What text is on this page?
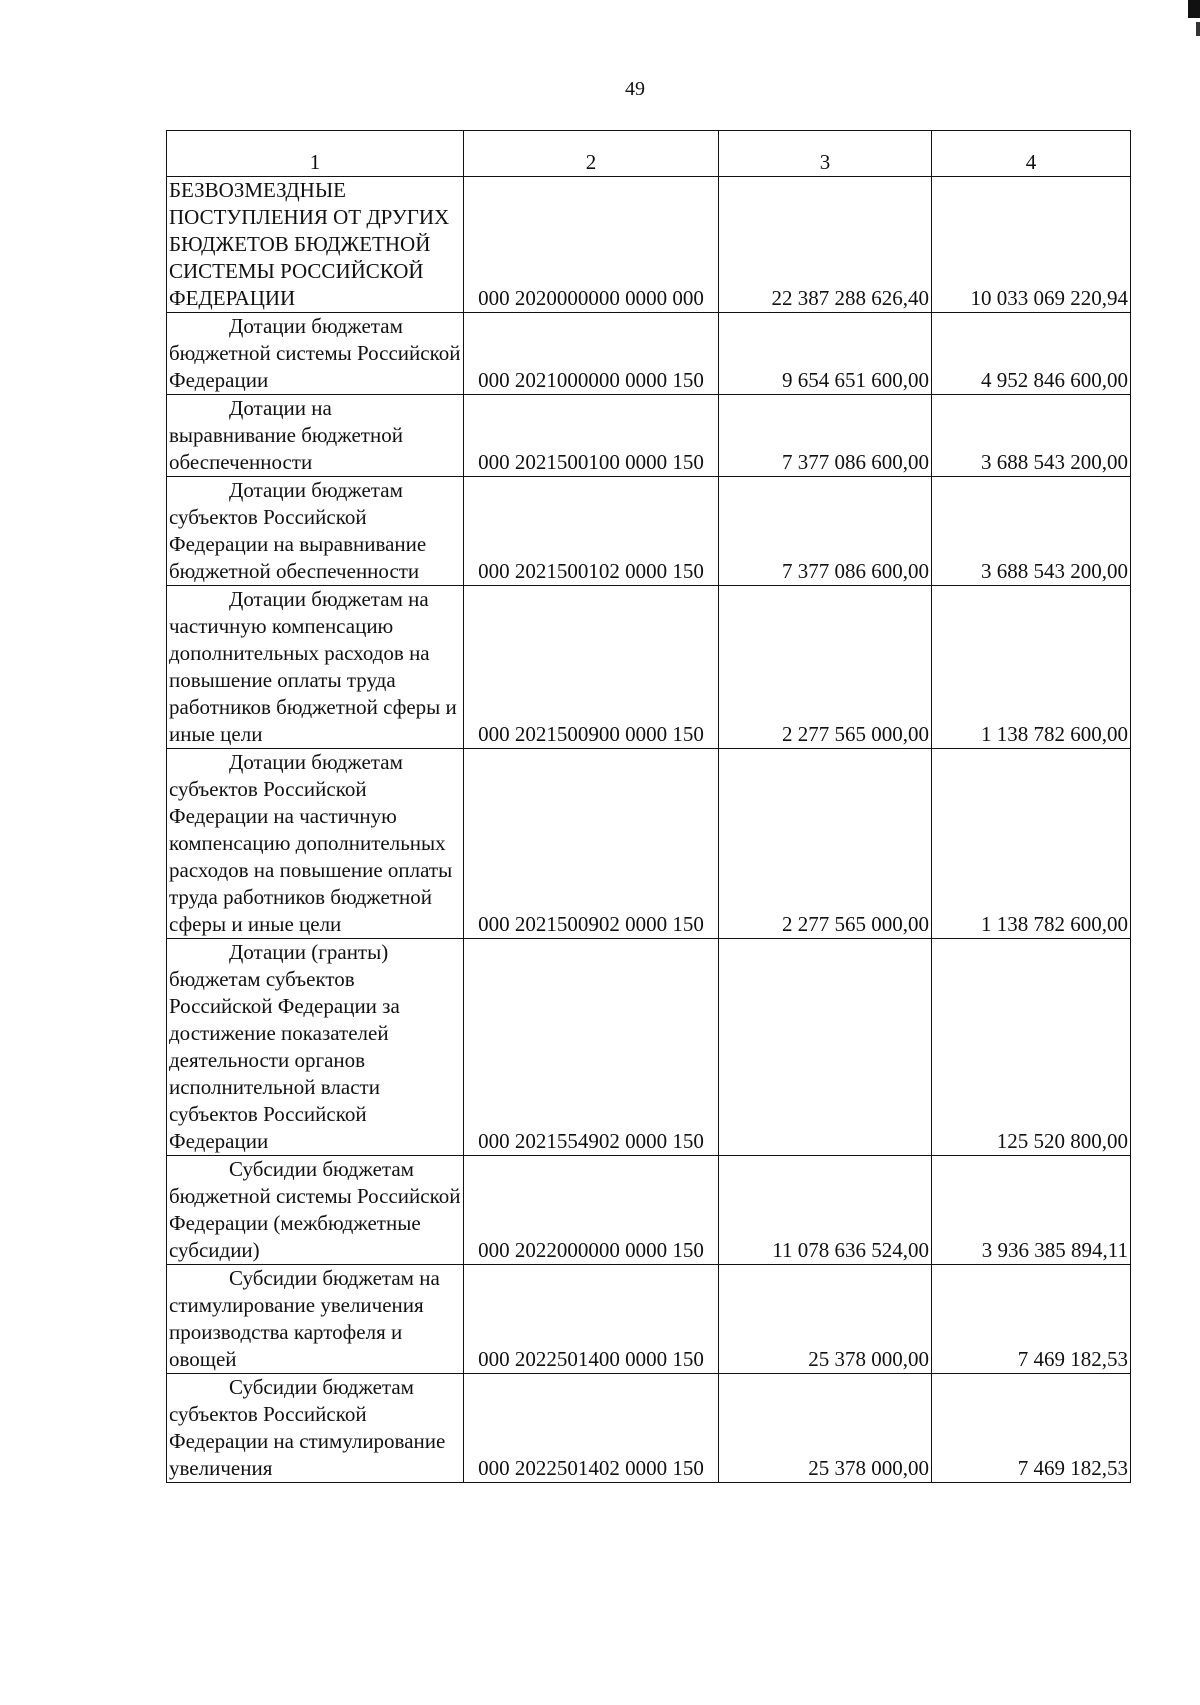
49
1	2	3	4

БЕЗВОЗМЕЗДНЫЕ ПОСТУПЛЕНИЯ ОТ ДРУГИХ БЮДЖЕТОВ БЮДЖЕТНОЙ СИСТЕМЫ РОССИЙСКОЙ ФЕДЕРАЦИИ	000 2020000000 0000 000	22 387 288 626,40	10 033 069 220,94

Дотации бюджетам бюджетной системы Российской Федерации	000 2021000000 0000 150	9 654 651 600,00	4 952 846 600,00

Дотации на выравнивание бюджетной обеспеченности	000 2021500100 0000 150	7 377 086 600,00	3 688 543 200,00

Дотации бюджетам субъектов Российской Федерации на выравнивание бюджетной обеспеченности	000 2021500102 0000 150	7 377 086 600,00	3 688 543 200,00

Дотации бюджетам на частичную компенсацию дополнительных расходов на повышение оплаты труда работников бюджетной сферы и иные цели	000 2021500900 0000 150	2 277 565 000,00	1 138 782 600,00

Дотации бюджетам субъектов Российской Федерации на частичную компенсацию дополнительных расходов на повышение оплаты труда работников бюджетной сферы и иные цели	000 2021500902 0000 150	2 277 565 000,00	1 138 782 600,00

Дотации (гранты) бюджетам субъектов Российской Федерации за достижение показателей деятельности органов исполнительной власти субъектов Российской Федерации	000 2021554902 0000 150		125 520 800,00

Субсидии бюджетам бюджетной системы Российской Федерации (межбюджетные субсидии)	000 2022000000 0000 150	11 078 636 524,00	3 936 385 894,11

Субсидии бюджетам на стимулирование увеличения производства картофеля и овощей	000 2022501400 0000 150	25 378 000,00	7 469 182,53

Субсидии бюджетам субъектов Российской Федерации на стимулирование увеличения	000 2022501402 0000 150	25 378 000,00	7 469 182,53
